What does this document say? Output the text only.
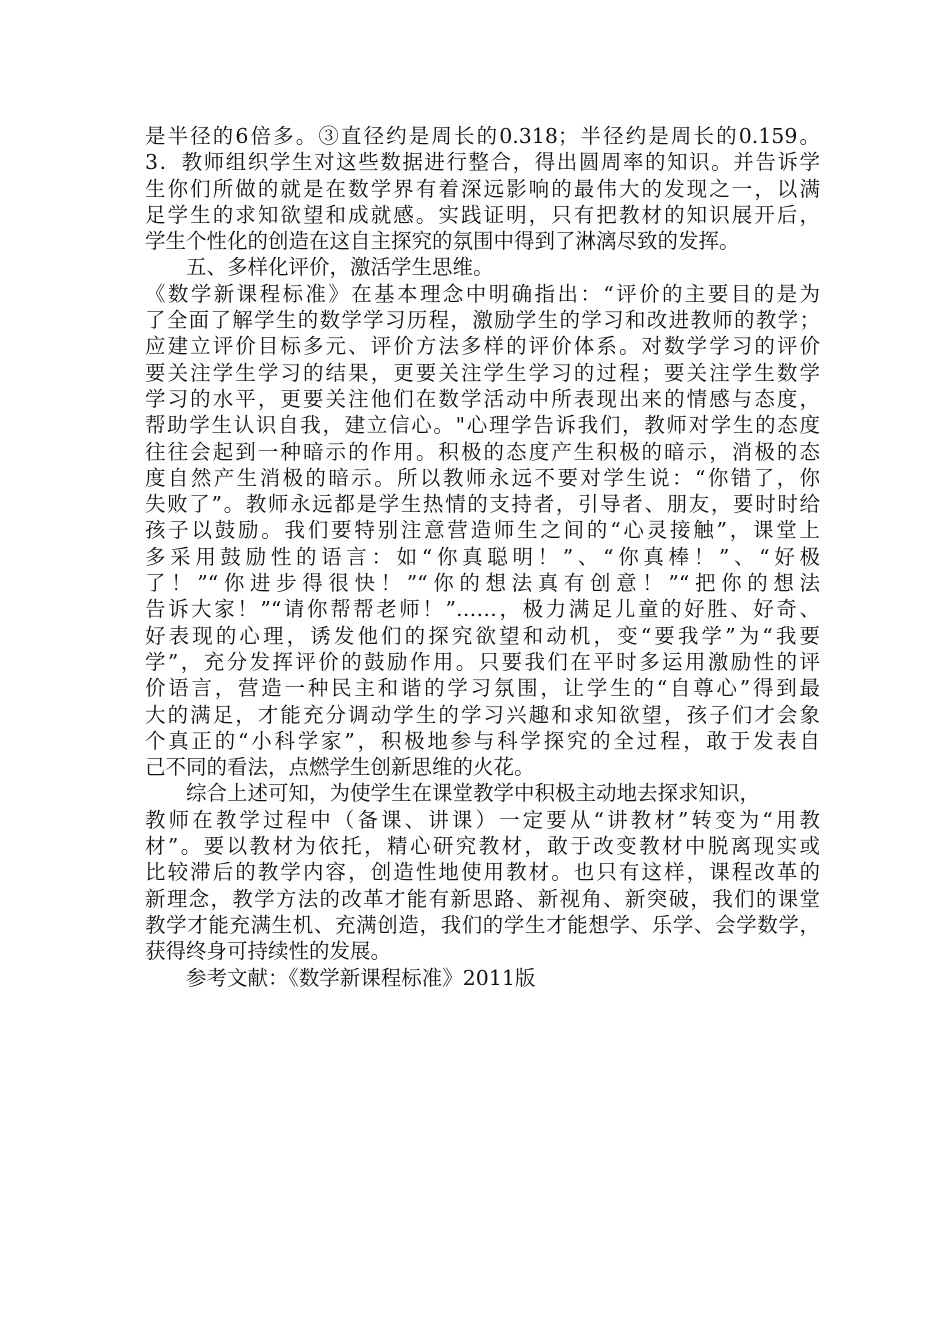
是半径的6倍多。③直径约是周长的0.318；半径约是周长的0.159。
3．教师组织学生对这些数据进行整合，得出圆周率的知识。并告诉学
生你们所做的就是在数学界有着深远影响的最伟大的发现之一，以满
足学生的求知欲望和成就感。实践证明，只有把教材的知识展开后，
学生个性化的创造在这自主探究的氛围中得到了淋漓尽致的发挥。
五、多样化评价，激活学生思维。
《数学新课程标准》在基本理念中明确指出：“评价的主要目的是为
了全面了解学生的数学学习历程，激励学生的学习和改进教师的教学；
应建立评价目标多元、评价方法多样的评价体系。对数学学习的评价
要关注学生学习的结果，更要关注学生学习的过程；要关注学生数学
学习的水平，更要关注他们在数学活动中所表现出来的情感与态度，
帮助学生认识自我，建立信心。"心理学告诉我们，教师对学生的态度
往往会起到一种暗示的作用。积极的态度产生积极的暗示，消极的态
度自然产生消极的暗示。所以教师永远不要对学生说：“你错了，你
失败了”。教师永远都是学生热情的支持者，引导者、朋友，要时时给
孩子以鼓励。我们要特别注意营造师生之间的“心灵接触”，课堂上
多采用鼓励性的语言：如“你真聪明！”、“你真棒！”、“好极
了！”“你进步得很快！”“你的想法真有创意！”“把你的想法
告诉大家！”“请你帮帮老师！”……，极力满足儿童的好胜、好奇、
好表现的心理，诱发他们的探究欲望和动机，变“要我学”为“我要
学”，充分发挥评价的鼓励作用。只要我们在平时多运用激励性的评
价语言，营造一种民主和谐的学习氛围，让学生的“自尊心”得到最
大的满足，才能充分调动学生的学习兴趣和求知欲望，孩子们才会象
个真正的“小科学家”，积极地参与科学探究的全过程，敢于发表自
己不同的看法，点燃学生创新思维的火花。
综合上述可知，为使学生在课堂教学中积极主动地去探求知识，
教师在教学过程中（备课、讲课）一定要从“讲教材”转变为“用教
材”。要以教材为依托，精心研究教材，敢于改变教材中脱离现实或
比较滞后的教学内容，创造性地使用教材。也只有这样，课程改革的
新理念，教学方法的改革才能有新思路、新视角、新突破，我们的课堂
教学才能充满生机、充满创造，我们的学生才能想学、乐学、会学数学，
获得终身可持续性的发展。
参考文献：《数学新课程标准》2011版
